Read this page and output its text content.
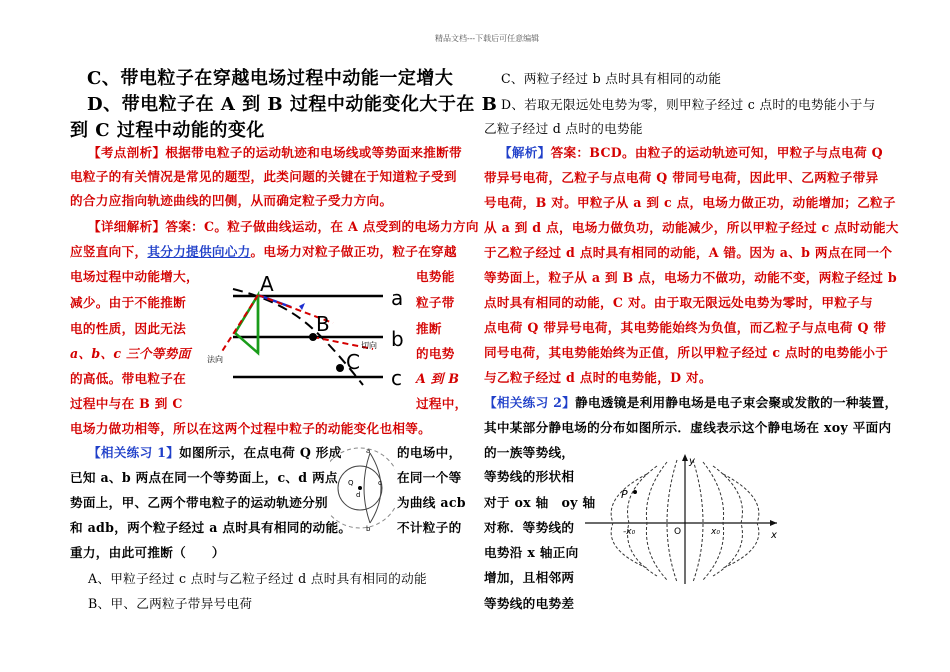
精品文档---下载后可任意编辑
C、带电粒子在穿越电场过程中动能一定增大
D、带电粒子在 A 到 B 过程中动能变化大于在 B
到 C 过程中动能的变化
【考点剖析】根据带电粒子的运动轨迹和电场线或等势面来推断带
电粒子的有关情况是常见的题型，此类问题的关键在于知道粒子受到
的合力应指向轨迹曲线的凹侧，从而确定粒子受力方向。
【详细解析】答案：C。粒子做曲线运动，在 A 点受到的电场力方向
应竖直向下，其分力提供向心力。电场力对粒子做正功，粒子在穿越
电场过程中动能增大，	电势能
减少。由于不能推断	粒子带
电的性质，因此无法	推断
a、b、c 三个等势面	的电势
的高低。带电粒子在	A 到 B
过程中与在 B 到 C	过程中，
电场力做功相等，所以在这两个过程中粒子的动能变化也相等。
A
B
C
a
b
c
法向
切向
【相关练习 1】如图所示，在点电荷 Q 形成	的电场中，
已知 a、b 两点在同一个等势面上，c、d 两点	在同一个等
势面上，甲、乙两个带电粒子的运动轨迹分别	为曲线 acb
和 adb，两个粒子经过 a 点时具有相同的动能。	不计粒子的
重力，由此可推断（　　）
Q
a
b
c
d
A、甲粒子经过 c 点时与乙粒子经过 d 点时具有相同的动能
B、甲、乙两粒子带异号电荷
C、两粒子经过 b 点时具有相同的动能
D、若取无限远处电势为零，则甲粒子经过 c 点时的电势能小于与
乙粒子经过 d 点时的电势能
【解析】答案：BCD。由粒子的运动轨迹可知，甲粒子与点电荷 Q
带异号电荷，乙粒子与点电荷 Q 带同号电荷，因此甲、乙两粒子带异
号电荷，B 对。甲粒子从 a 到 c 点，电场力做正功，动能增加；乙粒子
从 a 到 d 点，电场力做负功，动能减少，所以甲粒子经过 c 点时动能大
于乙粒子经过 d 点时具有相同的动能，A 错。因为 a、b 两点在同一个
等势面上，粒子从 a 到 B 点，电场力不做功，动能不变，两粒子经过 b
点时具有相同的动能，C 对。由于取无限远处电势为零时，甲粒子与
点电荷 Q 带异号电荷，其电势能始终为负值，而乙粒子与点电荷 Q 带
同号电荷，其电势能始终为正值，所以甲粒子经过 c 点时的电势能小于
与乙粒子经过 d 点时的电势能，D 对。
【相关练习 2】静电透镜是利用静电场是电子束会聚或发散的一种装置，
其中某部分静电场的分布如图所示．虚线表示这个静电场在 xoy 平面内
的一族等势线，
等势线的形状相
对于 ox 轴　oy 轴
对称．等势线的
电势沿 x 轴正向
增加，且相邻两
等势线的电势差
y
x
P
O	x₀
-x₀
